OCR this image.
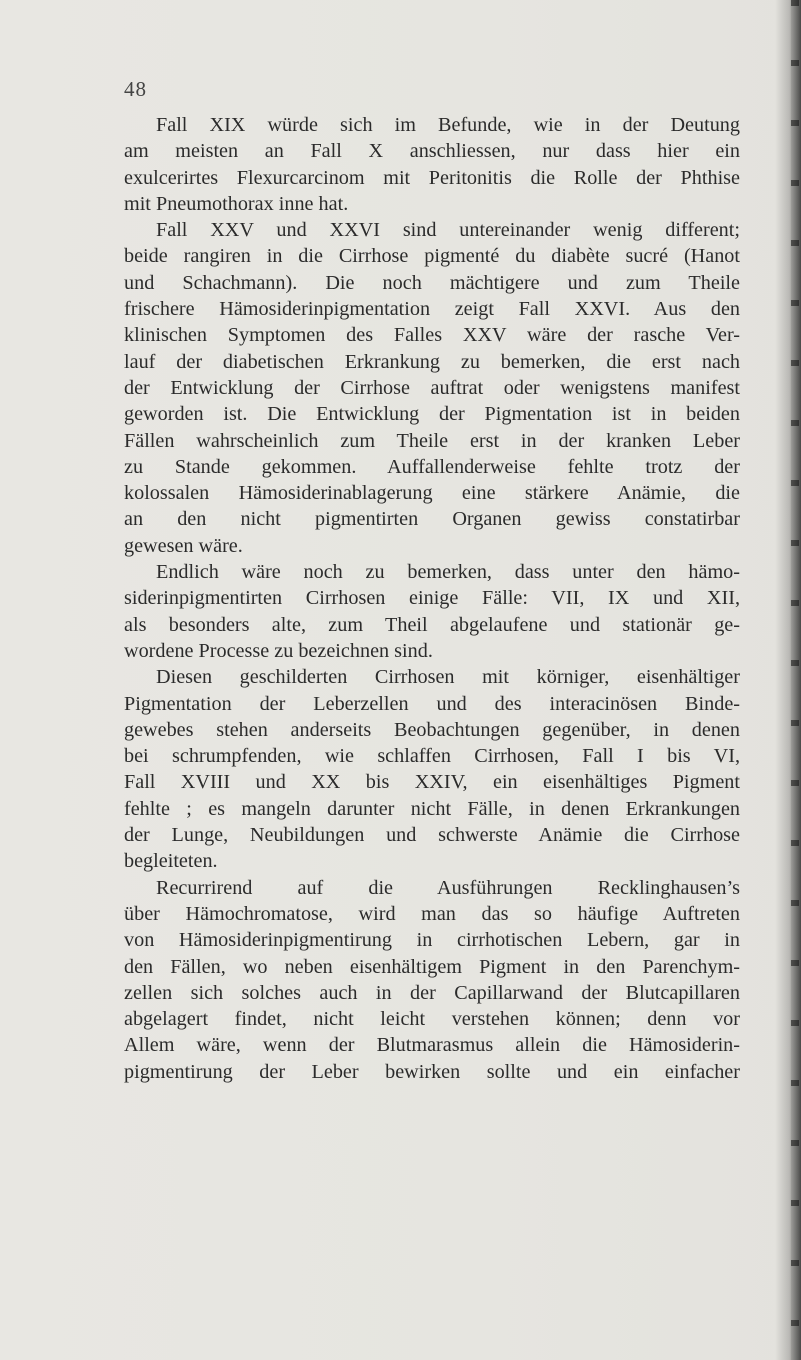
48
Fall XIX würde sich im Befunde, wie in der Deutung
am meisten an Fall X anschliessen, nur dass hier ein
exulcerirtes Flexurcarcinom mit Peritonitis die Rolle der Phthise
mit Pneumothorax inne hat.
Fall XXV und XXVI sind untereinander wenig different;
beide rangiren in die Cirrhose pigmenté du diabète sucré (Hanot
und Schachmann). Die noch mächtigere und zum Theile
frischere Hämosiderinpigmentation zeigt Fall XXVI. Aus den
klinischen Symptomen des Falles XXV wäre der rasche Ver-
lauf der diabetischen Erkrankung zu bemerken, die erst nach
der Entwicklung der Cirrhose auftrat oder wenigstens manifest
geworden ist. Die Entwicklung der Pigmentation ist in beiden
Fällen wahrscheinlich zum Theile erst in der kranken Leber
zu Stande gekommen. Auffallenderweise fehlte trotz der
kolossalen Hämosiderinablagerung eine stärkere Anämie, die
an den nicht pigmentirten Organen gewiss constatirbar
gewesen wäre.
Endlich wäre noch zu bemerken, dass unter den hämo-
siderinpigmentirten Cirrhosen einige Fälle: VII, IX und XII,
als besonders alte, zum Theil abgelaufene und stationär ge-
wordene Processe zu bezeichnen sind.
Diesen geschilderten Cirrhosen mit körniger, eisenhältiger
Pigmentation der Leberzellen und des interacinösen Binde-
gewebes stehen anderseits Beobachtungen gegenüber, in denen
bei schrumpfenden, wie schlaffen Cirrhosen, Fall I bis VI,
Fall XVIII und XX bis XXIV, ein eisenhältiges Pigment
fehlte ; es mangeln darunter nicht Fälle, in denen Erkrankungen
der Lunge, Neubildungen und schwerste Anämie die Cirrhose
begleiteten.
Recurrirend auf die Ausführungen Recklinghausen’s
über Hämochromatose, wird man das so häufige Auftreten
von Hämosiderinpigmentirung in cirrhotischen Lebern, gar in
den Fällen, wo neben eisenhältigem Pigment in den Parenchym-
zellen sich solches auch in der Capillarwand der Blutcapillaren
abgelagert findet, nicht leicht verstehen können; denn vor
Allem wäre, wenn der Blutmarasmus allein die Hämosiderin-
pigmentirung der Leber bewirken sollte und ein einfacher
